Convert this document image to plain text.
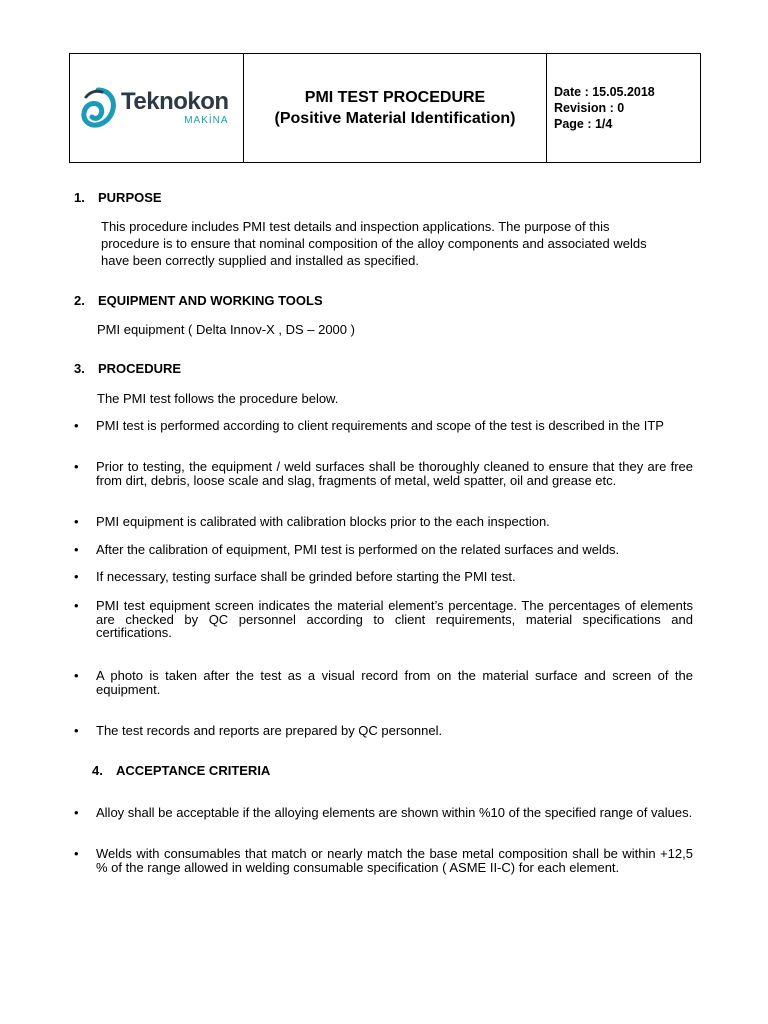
Teknokon
MAKİNA
PMI TEST PROCEDURE
(Positive Material Identification)
Date : 15.05.2018
Revision : 0
Page : 1/4
1. PURPOSE
This procedure includes PMI test details and inspection applications. The purpose of this procedure is to ensure that nominal composition of the alloy components and associated welds have been correctly supplied and installed as specified.
2. EQUIPMENT AND WORKING TOOLS
PMI equipment ( Delta Innov-X , DS – 2000 )
3. PROCEDURE
The PMI test follows the procedure below.
•	PMI test is performed according to client requirements and scope of the test is described in the ITP
•	Prior to testing, the equipment / weld surfaces shall be thoroughly cleaned to ensure that they are free from dirt, debris, loose scale and slag, fragments of metal, weld spatter, oil and grease etc.
•	PMI equipment is calibrated with calibration blocks prior to the each inspection.
•	After the calibration of equipment, PMI test is performed on the related surfaces and welds.
•	If necessary, testing surface shall be grinded before starting the PMI test.
•	PMI test equipment screen indicates the material element’s percentage. The percentages of elements are checked by QC personnel according to client requirements, material specifications and certifications.
•	A photo is taken after the test as a visual record from on the material surface and screen of the equipment.
•	The test records and reports are prepared by QC personnel.
4. ACCEPTANCE CRITERIA
•	Alloy shall be acceptable if the alloying elements are shown within %10 of the specified range of values.
•	Welds with consumables that match or nearly match the base metal composition shall be within +12,5 % of the range allowed in welding consumable specification ( ASME II-C) for each element.
